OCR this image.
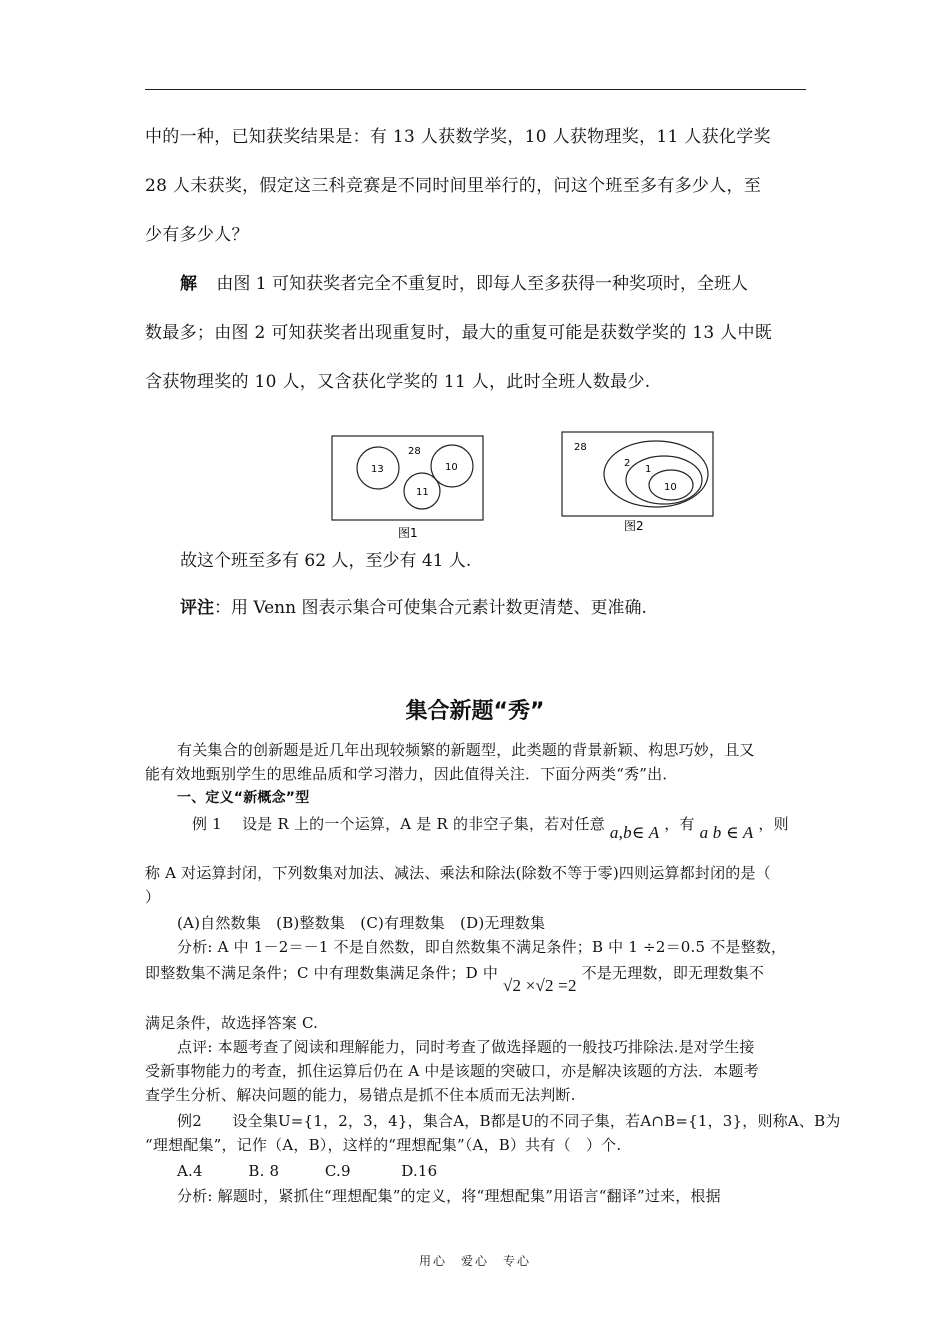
中的一种，已知获奖结果是：有 13 人获数学奖，10 人获物理奖，11 人获化学奖
28 人未获奖，假定这三科竞赛是不同时间里举行的，问这个班至多有多少人，至
少有多少人？
解 由图 1 可知获奖者完全不重复时，即每人至多获得一种奖项时，全班人
数最多；由图 2 可知获奖者出现重复时，最大的重复可能是获数学奖的 13 人中既
含获物理奖的 10 人，又含获化学奖的 11 人，此时全班人数最少.
28
13	10
11
图1
28
2
1
10
图2
故这个班至多有 62 人，至少有 41 人.
评注：用 Venn 图表示集合可使集合元素计数更清楚、更准确.
集合新题“秀”
有关集合的创新题是近几年出现较频繁的新题型，此类题的背景新颖、构思巧妙，且又
能有效地甄别学生的思维品质和学习潜力，因此值得关注．下面分两类“秀”出．
一、定义“新概念”型
例 1　 设是 R 上的一个运算，A 是 R 的非空子集，若对任意 a,b∈ A ，有 a b ∈ A ，则
称 A 对运算封闭，下列数集对加法、减法、乘法和除法(除数不等于零)四则运算都封闭的是（
）
(A)自然数集　(B)整数集　(C)有理数集　(D)无理数集
分析: A 中 1－2＝－1 不是自然数，即自然数集不满足条件；B 中 1 ÷2＝0.5 不是整数，
即整数集不满足条件；C 中有理数集满足条件；D 中 √2 ×√2 =2 不是无理数，即无理数集不
满足条件，故选择答案 C.
点评: 本题考查了阅读和理解能力，同时考查了做选择题的一般技巧排除法.是对学生接
受新事物能力的考查，抓住运算后仍在 A 中是该题的突破口，亦是解决该题的方法．本题考
查学生分析、解决问题的能力，易错点是抓不住本质而无法判断.
例2　　设全集U={1，2，3，4}，集合A，B都是U的不同子集，若A∩B={1，3}，则称A、B为
“理想配集”，记作（A，B），这样的“理想配集”（A，B）共有（　）个.
A.4　　　B. 8　　　C.9　　　 D.16
分析: 解题时，紧抓住“理想配集”的定义，将“理想配集”用语言“翻译”过来，根据
用心　爱心　专心
